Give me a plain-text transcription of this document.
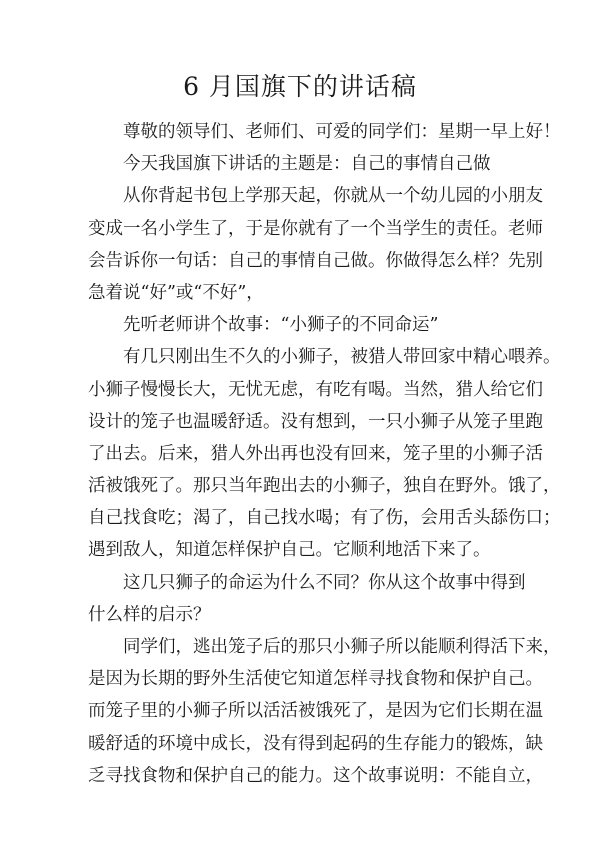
6 月国旗下的讲话稿
尊敬的领导们、老师们、可爱的同学们：星期一早上好！
今天我国旗下讲话的主题是：自己的事情自己做
从你背起书包上学那天起，你就从一个幼儿园的小朋友
变成一名小学生了，于是你就有了一个当学生的责任。老师
会告诉你一句话：自己的事情自己做。你做得怎么样？先别
急着说“好”或“不好”，
先听老师讲个故事：“小狮子的不同命运”
有几只刚出生不久的小狮子，被猎人带回家中精心喂养。
小狮子慢慢长大，无忧无虑，有吃有喝。当然，猎人给它们
设计的笼子也温暖舒适。没有想到，一只小狮子从笼子里跑
了出去。后来，猎人外出再也没有回来，笼子里的小狮子活
活被饿死了。那只当年跑出去的小狮子，独自在野外。饿了，
自己找食吃；渴了，自己找水喝；有了伤，会用舌头舔伤口；
遇到敌人，知道怎样保护自己。它顺利地活下来了。
这几只狮子的命运为什么不同？你从这个故事中得到
什么样的启示？
同学们，逃出笼子后的那只小狮子所以能顺利得活下来，
是因为长期的野外生活使它知道怎样寻找食物和保护自己。
而笼子里的小狮子所以活活被饿死了，是因为它们长期在温
暖舒适的环境中成长，没有得到起码的生存能力的锻炼，缺
乏寻找食物和保护自己的能力。这个故事说明：不能自立，
